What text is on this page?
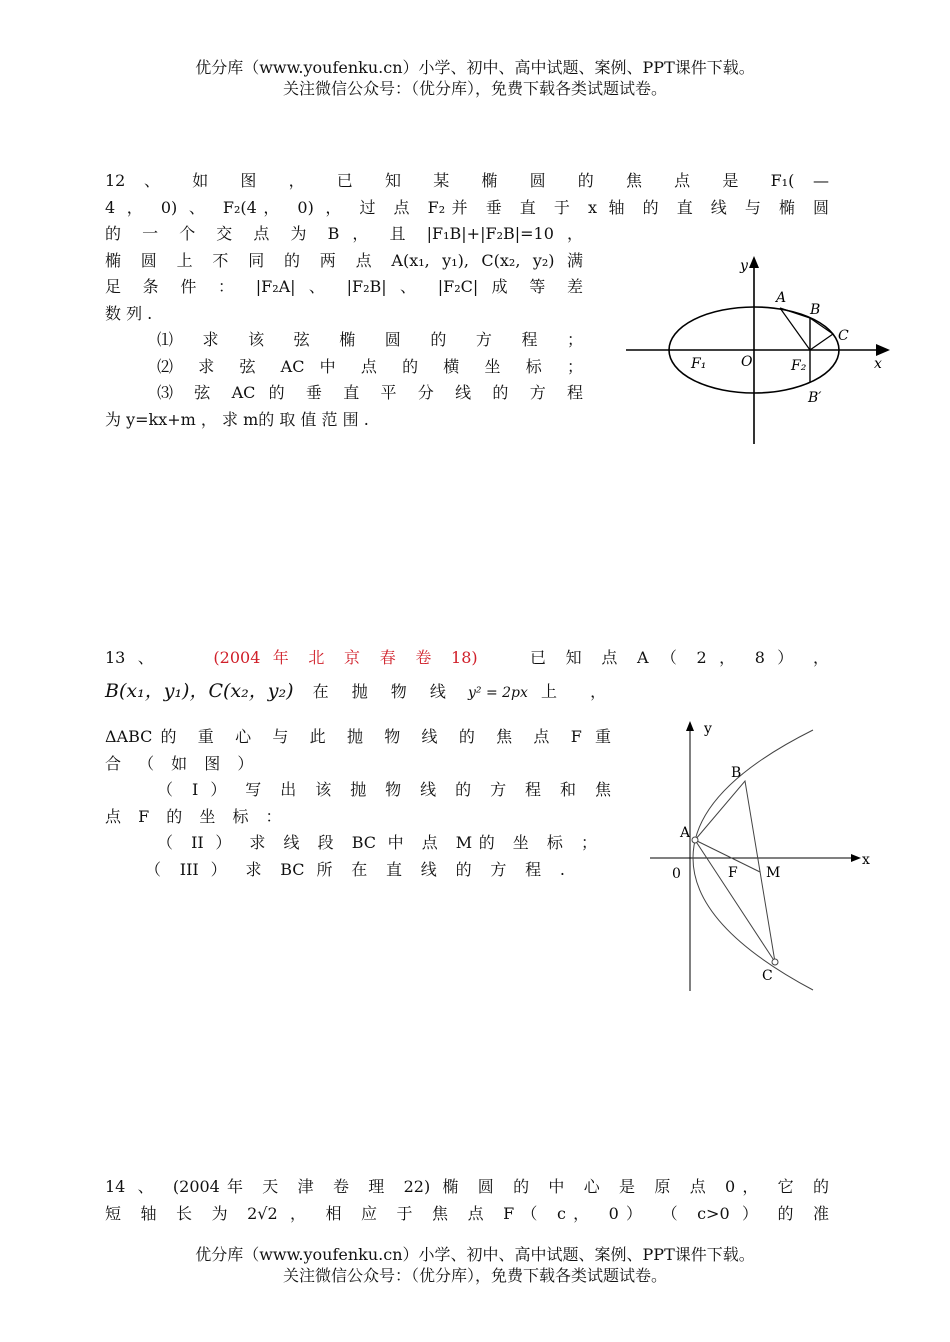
优分库（www.youfenku.cn）小学、初中、高中试题、案例、PPT课件下载。
关注微信公众号：（优分库），免费下载各类试题试卷。
12 、 如 图 ， 已 知 某 椭 圆 的 焦 点 是 F₁( —
4 ， 0) 、 F₂(4， 0) ， 过 点 F₂并 垂 直 于 x 轴 的 直 线 与 椭 圆
的 一 个 交 点 为 B ， 且 |F₁B|+|F₂B|=10 ，
椭 圆 上 不 同 的 两 点 A(x₁, y₁), C(x₂, y₂) 满
足 条 件 ： |F₂A| 、 |F₂B| 、 |F₂C| 成 等 差
数 列 .
⑴ 求 该 弦 椭 圆 的 方 程 ；
⑵ 求 弦 AC 中 点 的 横 坐 标 ；
⑶ 弦 AC 的 垂 直 平 分 线 的 方 程
为 y=kx+m ， 求 m的 取 值 范 围 .
y
x
A
B
C
O
F₁	F₂
B′
13 、	(2004 年 北 京 春 卷 18)	已 知 点 A （ 2 ， 8 ） ，
B(x₁，y₁)，C(x₂，y₂) 在 抛 物 线 y² = 2px 上 ，
ΔABC的 重 心 与 此 抛 物 线 的 焦 点 F 重
合 （ 如 图 ）
（ I ） 写 出 该 抛 物 线 的 方 程 和 焦
点 F 的 坐 标 ：
（ II ） 求 线 段 BC 中 点 M的 坐 标 ；
（ III ） 求 BC 所 在 直 线 的 方 程 .
y
x
A
B
C
0	F M
14 、 (2004年 天 津 卷 理 22) 椭 圆 的 中 心 是 原 点 0， 它 的
短 轴 长 为 2√2 ， 相 应 于 焦 点 F（ c， 0） （ c>0 ） 的 准
优分库（www.youfenku.cn）小学、初中、高中试题、案例、PPT课件下载。
关注微信公众号：（优分库），免费下载各类试题试卷。
